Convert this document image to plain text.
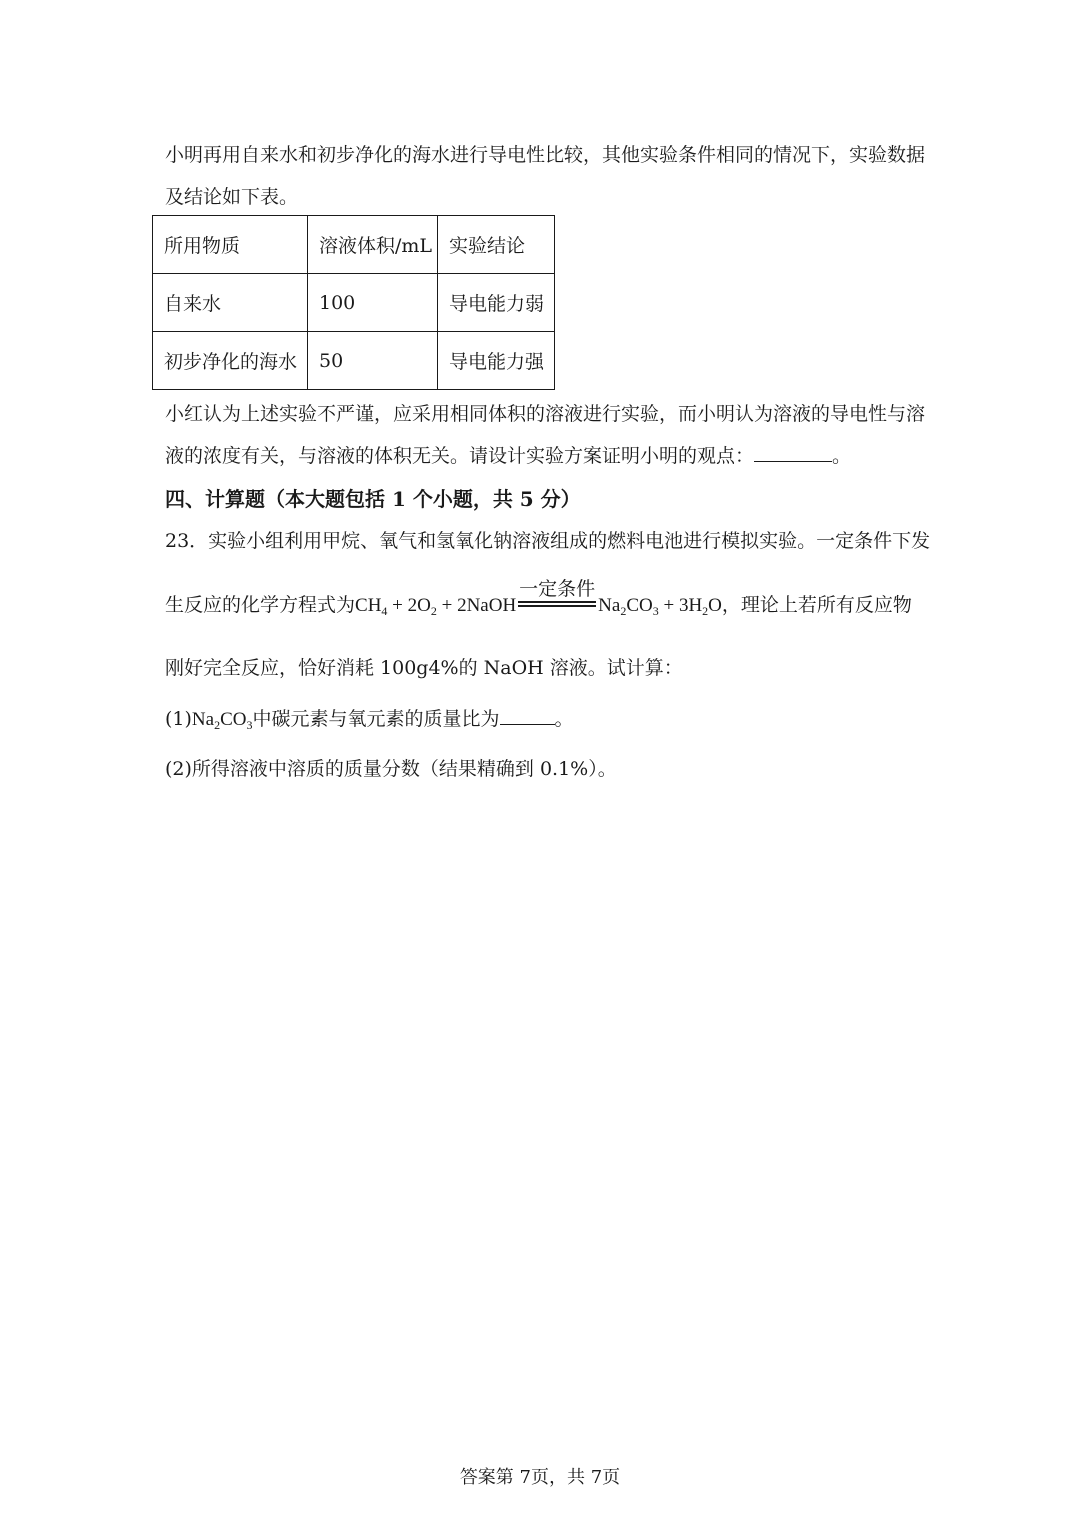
小明再用自来水和初步净化的海水进行导电性比较，其他实验条件相同的情况下，实验数据
及结论如下表。
所用物质	溶液体积/mL	实验结论
自来水	100	导电能力弱
初步净化的海水	50	导电能力强
小红认为上述实验不严谨，应采用相同体积的溶液进行实验，而小明认为溶液的导电性与溶
液的浓度有关，与溶液的体积无关。请设计实验方案证明小明的观点：	。
四、计算题（本大题包括 1 个小题，共 5 分）
23．实验小组利用甲烷、氧气和氢氧化钠溶液组成的燃料电池进行模拟实验。一定条件下发
生反应的化学方程式为$CH_4 + 2O_2$ + 2NaOH
一定条件
$Na_2CO_3 + 3H_2O$，理论上若所有反应物
刚好完全反应，恰好消耗 100g4%的 NaOH 溶液。试计算：
$(1)Na_2CO_3$中碳元素与氧元素的质量比为	。
(2)所得溶液中溶质的质量分数（结果精确到 0.1%）。
答案第 7页，共 7页
